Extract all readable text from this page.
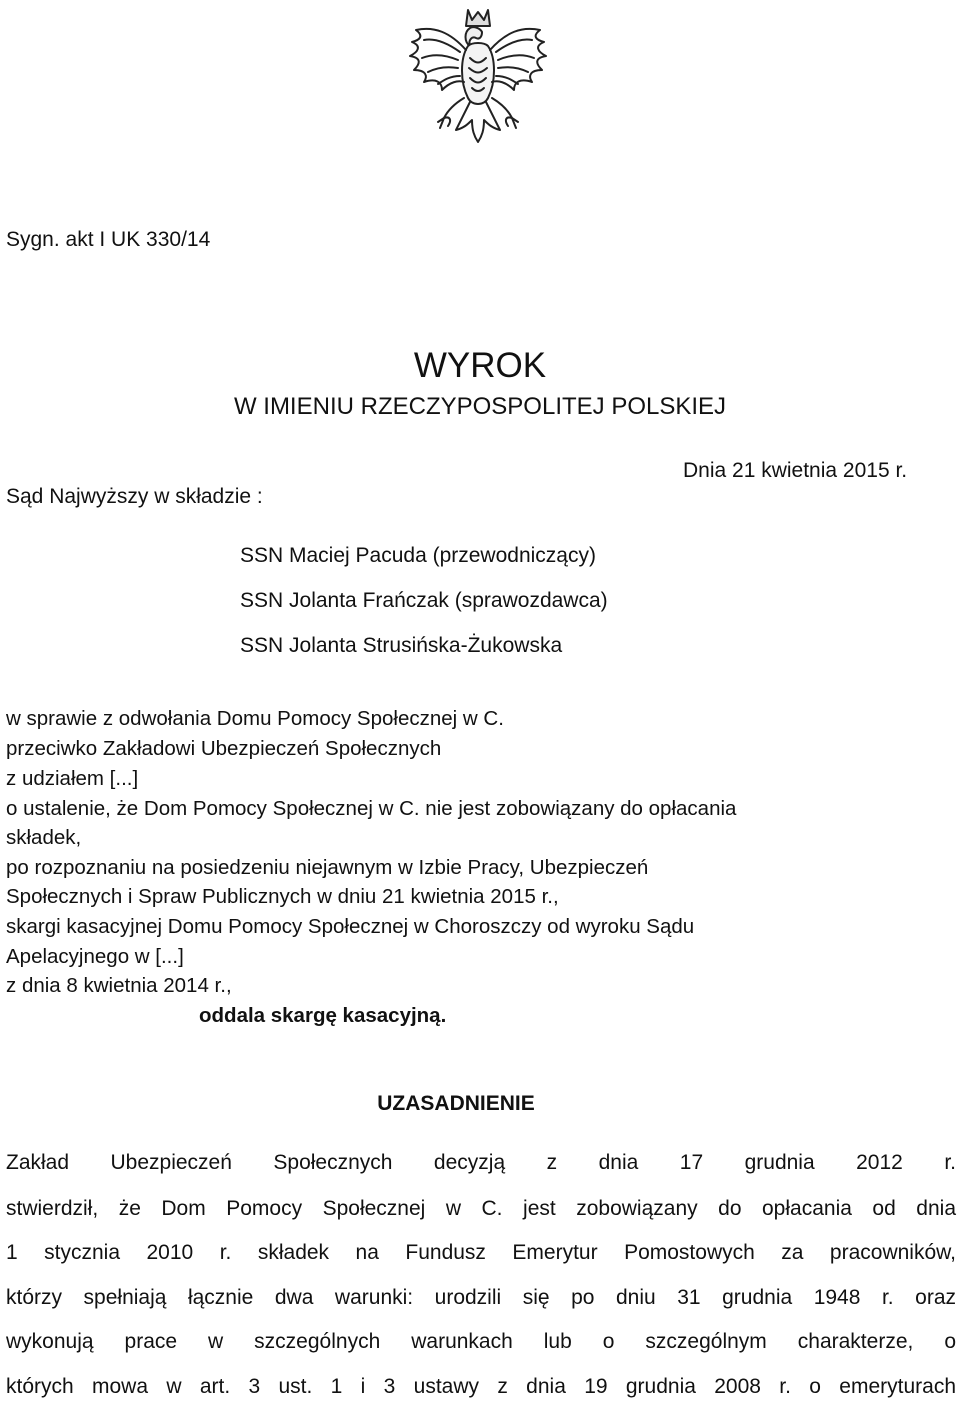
Sygn. akt I UK 330/14
WYROK
W IMIENIU RZECZYPOSPOLITEJ POLSKIEJ
Dnia 21 kwietnia 2015 r.
Sąd Najwyższy w składzie :
SSN Maciej Pacuda (przewodniczący)
SSN Jolanta Frańczak (sprawozdawca)
SSN Jolanta Strusińska-Żukowska
w sprawie z odwołania Domu Pomocy Społecznej w C.
przeciwko Zakładowi Ubezpieczeń Społecznych
z udziałem [...]
o ustalenie, że Dom Pomocy Społecznej w C. nie jest zobowiązany do opłacania
składek,
po rozpoznaniu na posiedzeniu niejawnym w Izbie Pracy, Ubezpieczeń
Społecznych i Spraw Publicznych w dniu 21 kwietnia 2015 r.,
skargi kasacyjnej Domu Pomocy Społecznej w Choroszczy od wyroku Sądu
Apelacyjnego w [...]
z dnia 8 kwietnia 2014 r.,
oddala skargę kasacyjną.
UZASADNIENIE
Zakład Ubezpieczeń Społecznych decyzją z dnia 17 grudnia 2012 r.
stwierdził, że Dom Pomocy Społecznej w C. jest zobowiązany do opłacania od dnia
1 stycznia 2010 r. składek na Fundusz Emerytur Pomostowych za pracowników,
którzy spełniają łącznie dwa warunki: urodzili się po dniu 31 grudnia 1948 r. oraz
wykonują prace w szczególnych warunkach lub o szczególnym charakterze, o
których mowa w art. 3 ust. 1 i 3 ustawy z dnia 19 grudnia 2008 r. o emeryturach
